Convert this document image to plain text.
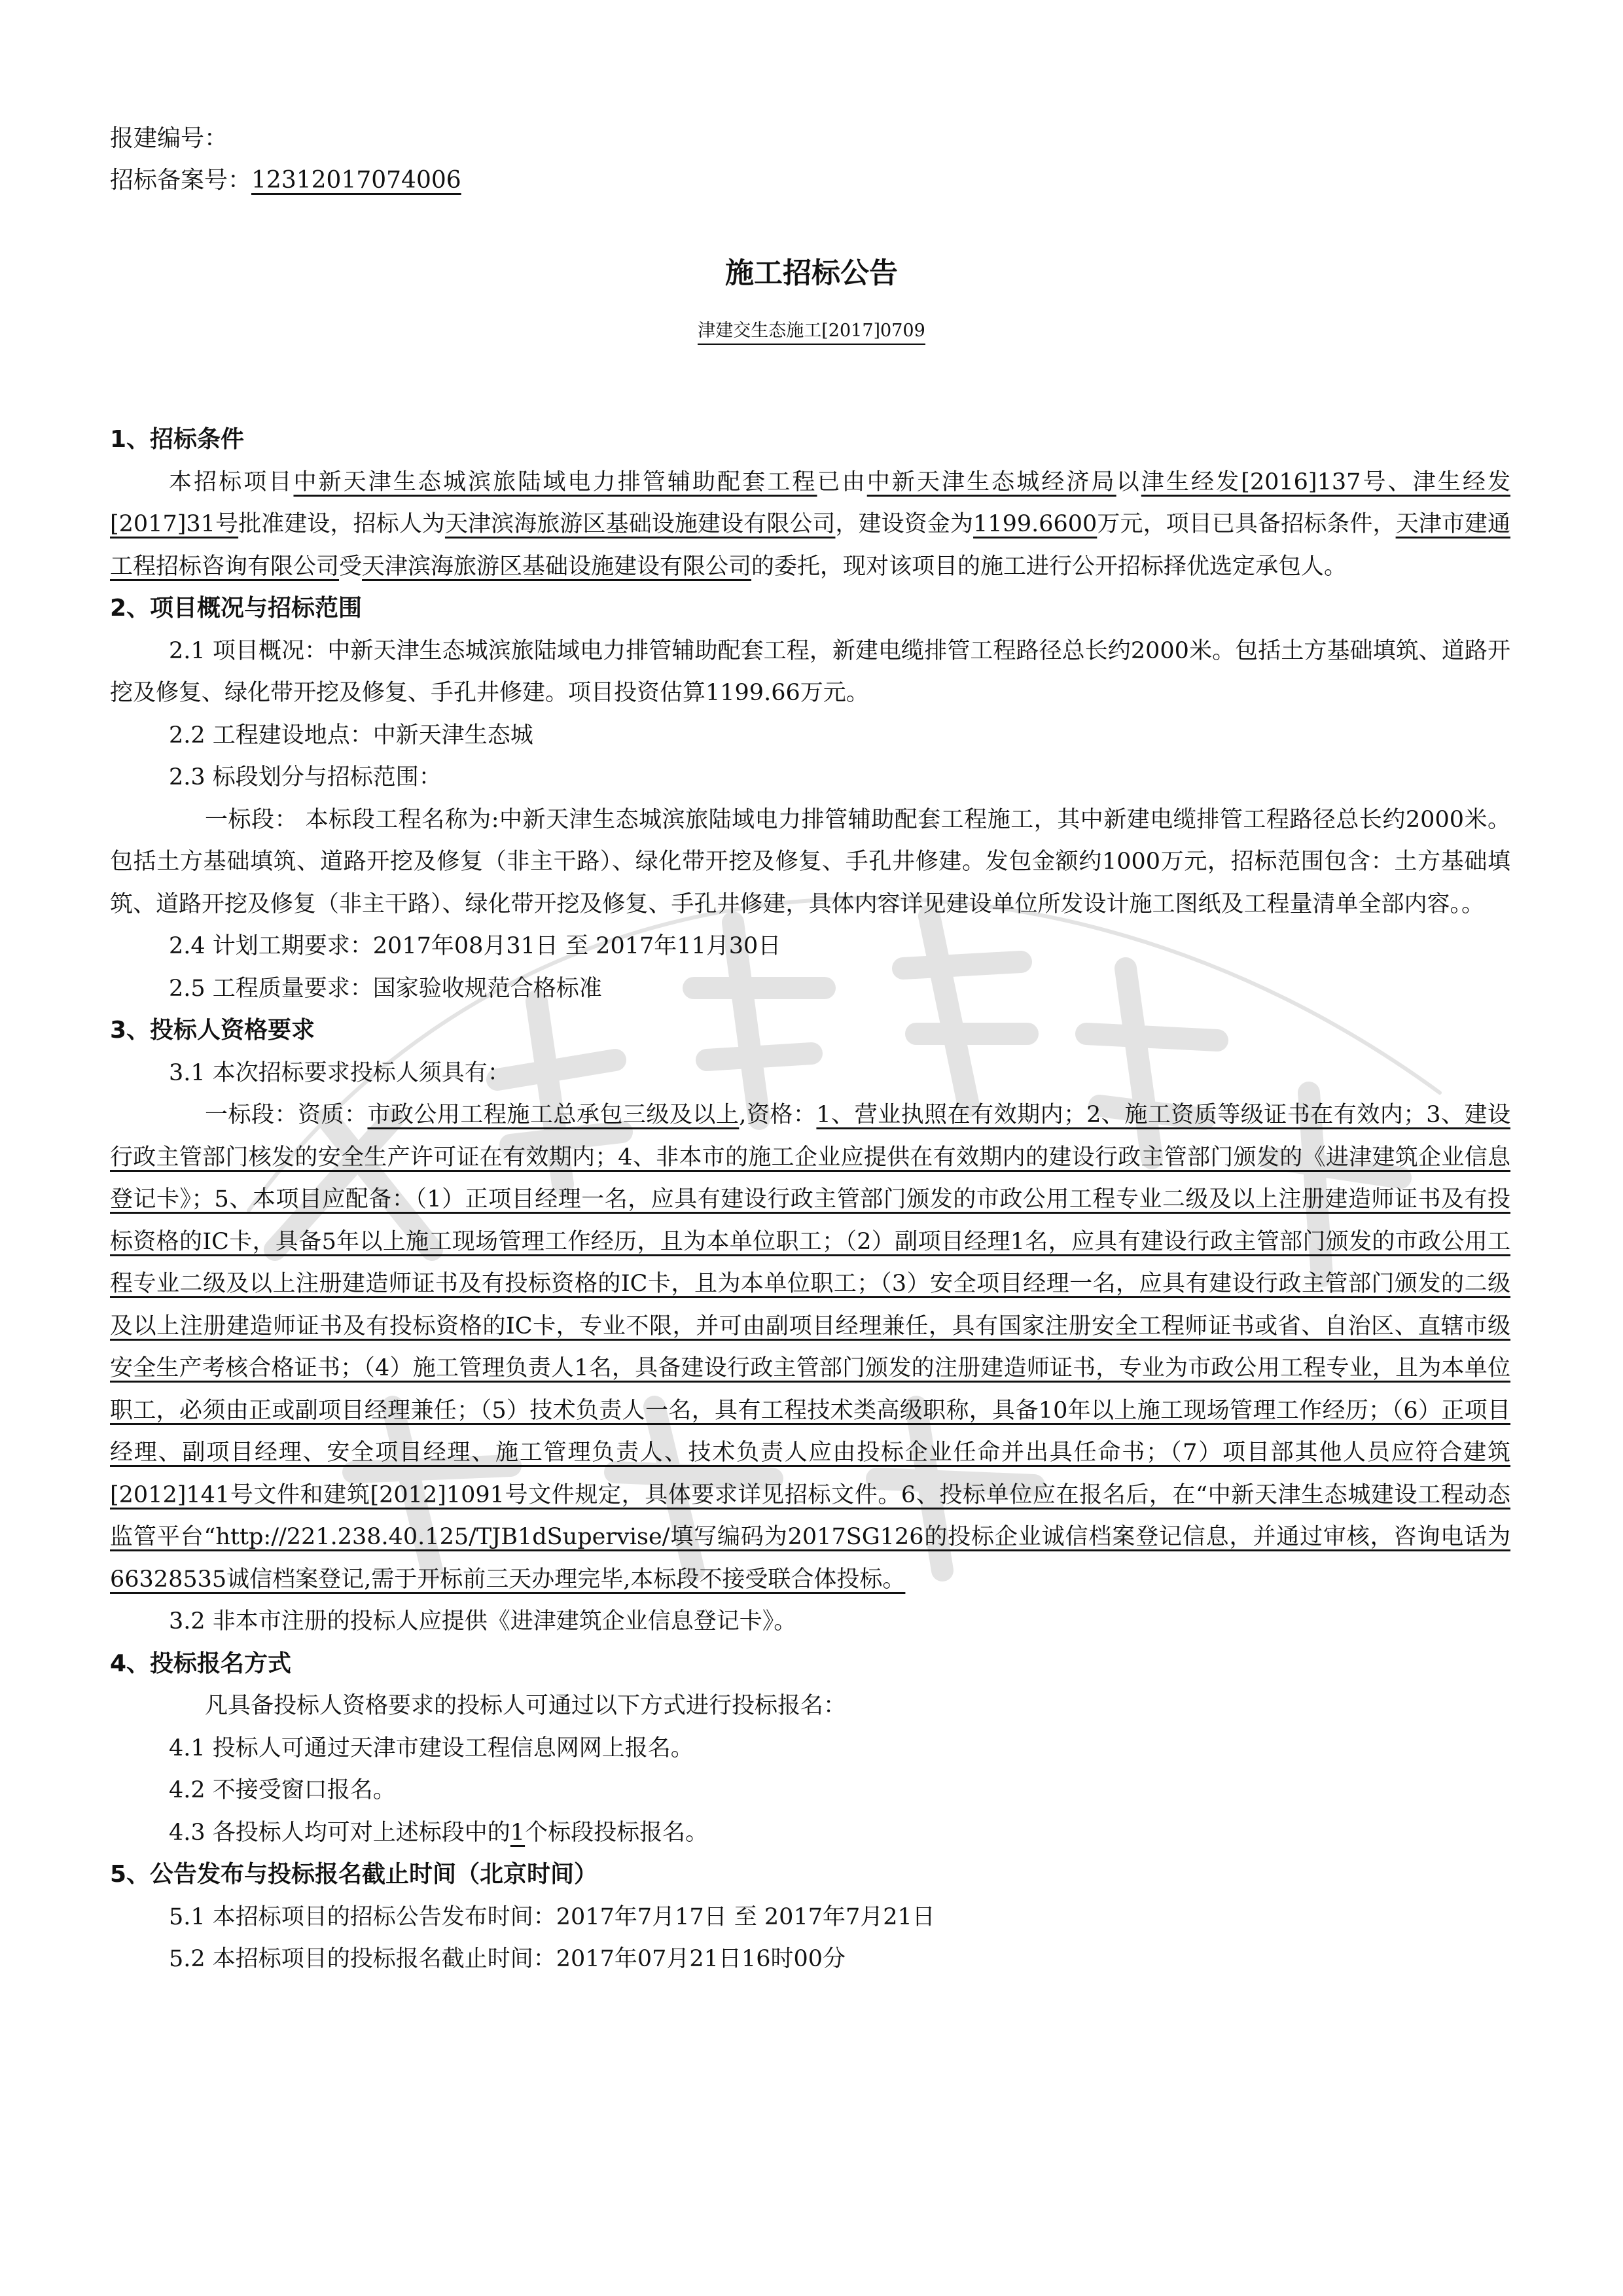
报建编号：
招标备案号：12312017074006
施工招标公告
津建交生态施工[2017]0709

1、招标条件

本招标项目中新天津生态城滨旅陆域电力排管辅助配套工程已由中新天津生态城经济局以津生经发[2016]137号、津生经发[2017]31号批准建设，招标人为天津滨海旅游区基础设施建设有限公司，建设资金为1199.6600万元，项目已具备招标条件，天津市建通工程招标咨询有限公司受天津滨海旅游区基础设施建设有限公司的委托，现对该项目的施工进行公开招标择优选定承包人。

2、项目概况与招标范围

2.1 项目概况：中新天津生态城滨旅陆域电力排管辅助配套工程，新建电缆排管工程路径总长约2000米。包括土方基础填筑、道路开挖及修复、绿化带开挖及修复、手孔井修建。项目投资估算1199.66万元。

2.2 工程建设地点：中新天津生态城

2.3 标段划分与招标范围：

一标段： 本标段工程名称为:中新天津生态城滨旅陆域电力排管辅助配套工程施工，其中新建电缆排管工程路径总长约2000米。包括土方基础填筑、道路开挖及修复（非主干路）、绿化带开挖及修复、手孔井修建。发包金额约1000万元，招标范围包含：土方基础填筑、道路开挖及修复（非主干路）、绿化带开挖及修复、手孔井修建，具体内容详见建设单位所发设计施工图纸及工程量清单全部内容。。

2.4 计划工期要求：2017年08月31日 至 2017年11月30日

2.5 工程质量要求：国家验收规范合格标准

3、投标人资格要求

3.1 本次招标要求投标人须具有：

一标段：资质：市政公用工程施工总承包三级及以上,资格：1、营业执照在有效期内；2、施工资质等级证书在有效内；3、建设行政主管部门核发的安全生产许可证在有效期内；4、非本市的施工企业应提供在有效期内的建设行政主管部门颁发的《进津建筑企业信息登记卡》；5、本项目应配备：（1）正项目经理一名，应具有建设行政主管部门颁发的市政公用工程专业二级及以上注册建造师证书及有投标资格的IC卡，具备5年以上施工现场管理工作经历，且为本单位职工；（2）副项目经理1名，应具有建设行政主管部门颁发的市政公用工程专业二级及以上注册建造师证书及有投标资格的IC卡，且为本单位职工；（3）安全项目经理一名，应具有建设行政主管部门颁发的二级及以上注册建造师证书及有投标资格的IC卡，专业不限，并可由副项目经理兼任，具有国家注册安全工程师证书或省、自治区、直辖市级安全生产考核合格证书；（4）施工管理负责人1名，具备建设行政主管部门颁发的注册建造师证书，专业为市政公用工程专业，且为本单位职工，必须由正或副项目经理兼任；（5）技术负责人一名，具有工程技术类高级职称，具备10年以上施工现场管理工作经历；（6）正项目经理、副项目经理、安全项目经理、施工管理负责人、技术负责人应由投标企业任命并出具任命书；（7）项目部其他人员应符合建筑[2012]141号文件和建筑[2012]1091号文件规定，具体要求详见招标文件。6、投标单位应在报名后，在“中新天津生态城建设工程动态监管平台“http://221.238.40.125/TJB1dSupervise/填写编码为2017SG126的投标企业诚信档案登记信息，并通过审核，咨询电话为66328535诚信档案登记,需于开标前三天办理完毕,本标段不接受联合体投标。

3.2 非本市注册的投标人应提供《进津建筑企业信息登记卡》。

4、投标报名方式

凡具备投标人资格要求的投标人可通过以下方式进行投标报名：

4.1 投标人可通过天津市建设工程信息网网上报名。

4.2 不接受窗口报名。

4.3 各投标人均可对上述标段中的1个标段投标报名。

5、公告发布与投标报名截止时间（北京时间）

5.1 本招标项目的招标公告发布时间：2017年7月17日 至 2017年7月21日

5.2 本招标项目的投标报名截止时间：2017年07月21日16时00分
